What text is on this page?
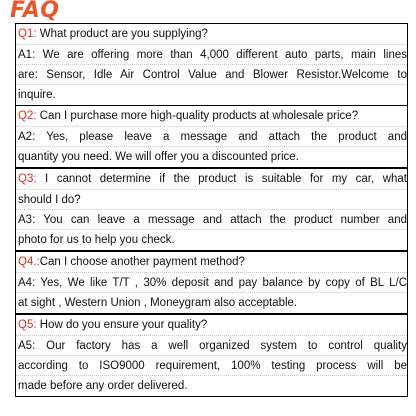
FAQ
Q1: What product are you supplying?
A1: We are offering more than 4,000 different auto parts, main lines
are: Sensor, Idle Air Control Value and Blower Resistor.Welcome to
inquire.
Q2: Can I purchase more high-quality products at wholesale price?
A2: Yes, please leave a message and attach the product and
quantity you need. We will offer you a discounted price.
Q3: I cannot determine if the product is suitable for my car, what
should I do?
A3: You can leave a message and attach the product number and
photo for us to help you check.
Q4.:Can I choose another payment method?
A4: Yes, We like T/T , 30% deposit and pay balance by copy of BL L/C
at sight , Western Union , Moneygram also acceptable.
Q5: How do you ensure your quality?
A5: Our factory has a well organized system to control quality
according to ISO9000 requirement, 100% testing process will be
made before any order delivered.
